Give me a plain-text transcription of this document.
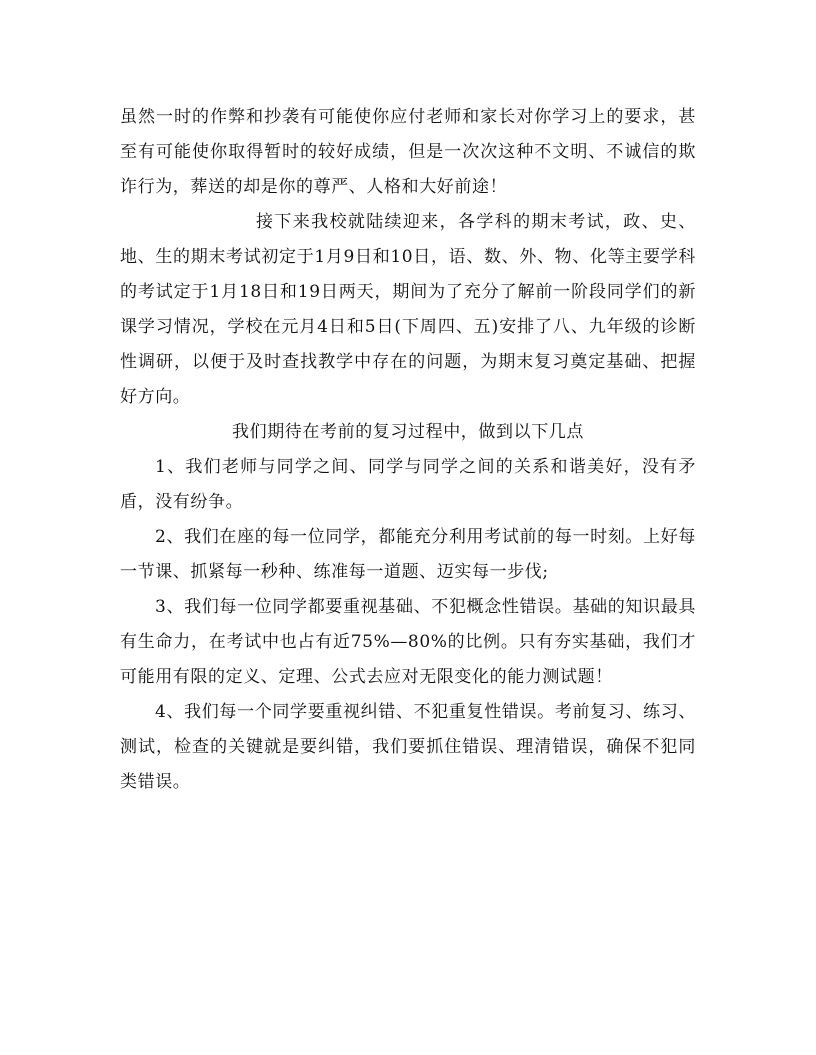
虽然一时的作弊和抄袭有可能使你应付老师和家长对你学习上的要求，甚至有可能使你取得暂时的较好成绩，但是一次次这种不文明、不诚信的欺诈行为，葬送的却是你的尊严、人格和大好前途！

接下来我校就陆续迎来，各学科的期末考试，政、史、地、生的期末考试初定于1月9日和10日，语、数、外、物、化等主要学科的考试定于1月18日和19日两天，期间为了充分了解前一阶段同学们的新课学习情况，学校在元月4日和5日(下周四、五)安排了八、九年级的诊断性调研，以便于及时查找教学中存在的问题，为期末复习奠定基础、把握好方向。

我们期待在考前的复习过程中，做到以下几点

1、我们老师与同学之间、同学与同学之间的关系和谐美好，没有矛盾，没有纷争。

2、我们在座的每一位同学，都能充分利用考试前的每一时刻。上好每一节课、抓紧每一秒种、练准每一道题、迈实每一步伐;

3、我们每一位同学都要重视基础、不犯概念性错误。基础的知识最具有生命力，在考试中也占有近75%—80%的比例。只有夯实基础，我们才可能用有限的定义、定理、公式去应对无限变化的能力测试题！

4、我们每一个同学要重视纠错、不犯重复性错误。考前复习、练习、测试，检查的关键就是要纠错，我们要抓住错误、理清错误，确保不犯同类错误。
